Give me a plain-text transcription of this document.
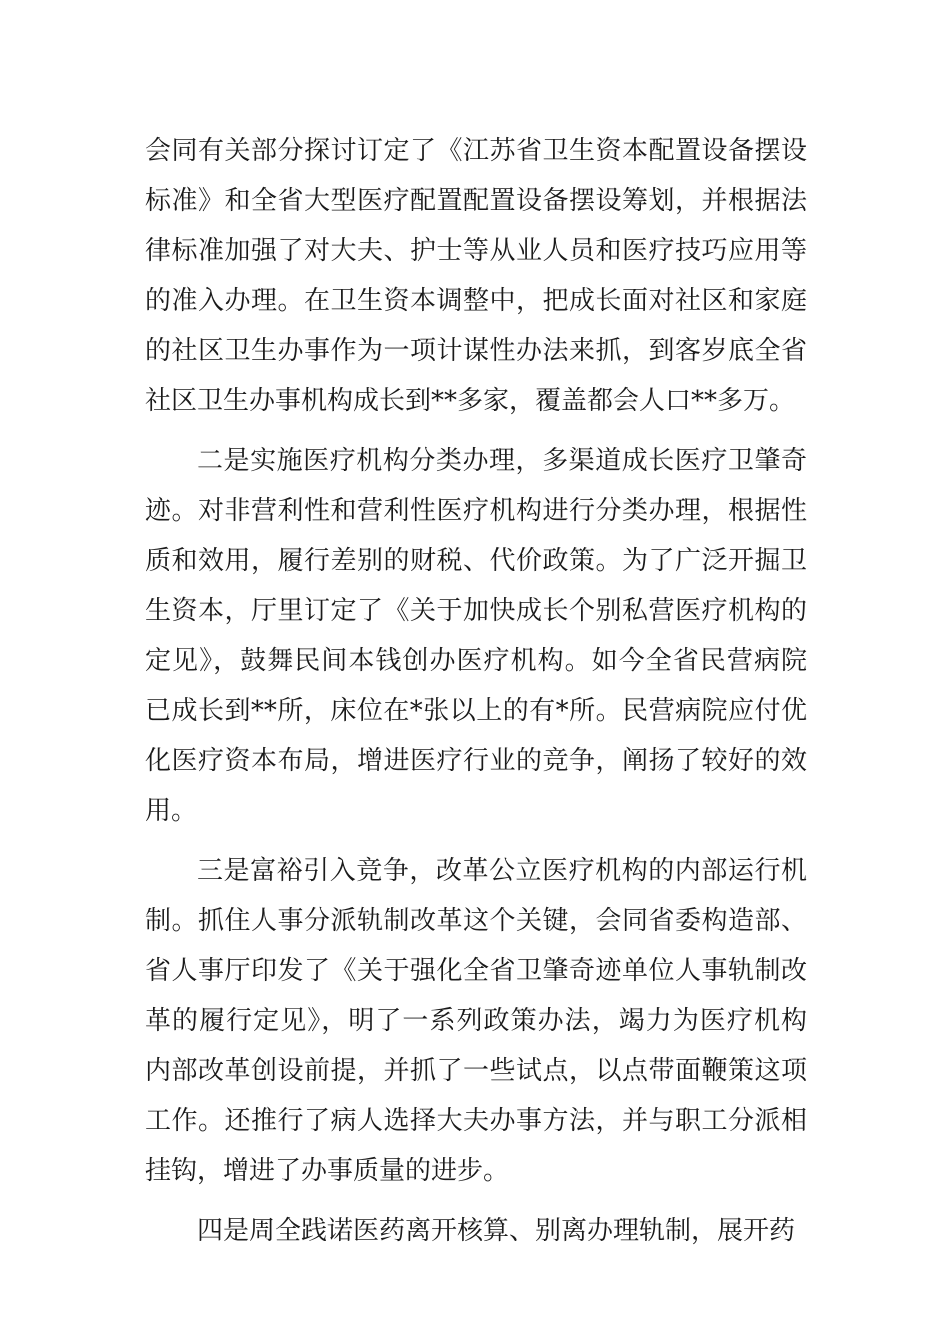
会同有关部分探讨订定了《江苏省卫生资本配置设备摆设标准》和全省大型医疗配置配置设备摆设筹划，并根据法律标准加强了对大夫、护士等从业人员和医疗技巧应用等的准入办理。在卫生资本调整中，把成长面对社区和家庭的社区卫生办事作为一项计谋性办法来抓，到客岁底全省社区卫生办事机构成长到**多家，覆盖都会人口**多万。

二是实施医疗机构分类办理，多渠道成长医疗卫肇奇迹。对非营利性和营利性医疗机构进行分类办理，根据性质和效用，履行差别的财税、代价政策。为了广泛开掘卫生资本，厅里订定了《关于加快成长个别私营医疗机构的定见》，鼓舞民间本钱创办医疗机构。如今全省民营病院已成长到**所，床位在*张以上的有*所。民营病院应付优化医疗资本布局，增进医疗行业的竞争，阐扬了较好的效用。

三是富裕引入竞争，改革公立医疗机构的内部运行机制。抓住人事分派轨制改革这个关键，会同省委构造部、省人事厅印发了《关于强化全省卫肇奇迹单位人事轨制改革的履行定见》，明了一系列政策办法，竭力为医疗机构内部改革创设前提，并抓了一些试点，以点带面鞭策这项工作。还推行了病人选择大夫办事方法，并与职工分派相挂钩，增进了办事质量的进步。

四是周全践诺医药离开核算、别离办理轨制，展开药
